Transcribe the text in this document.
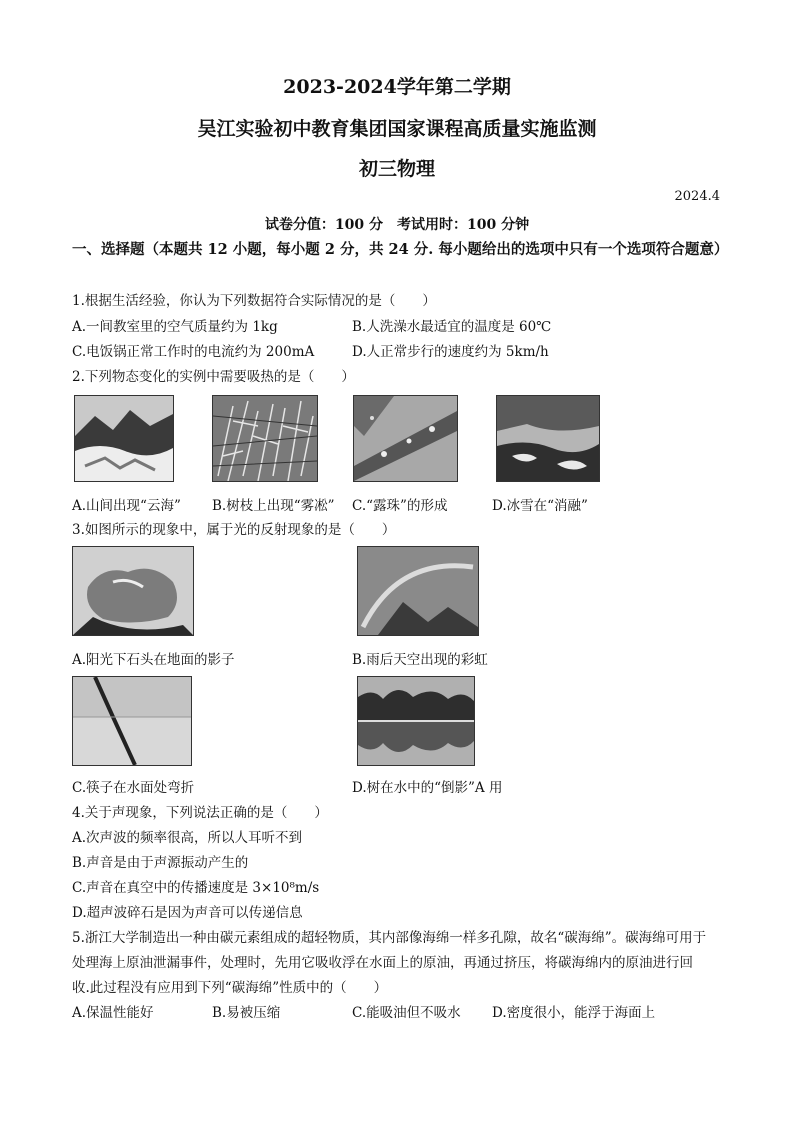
2023-2024学年第二学期
吴江实验初中教育集团国家课程高质量实施监测
初三物理
2024.4
试卷分值：100 分　考试用时：100 分钟
一、选择题（本题共 12 小题，每小题 2 分，共 24 分. 每小题给出的选项中只有一个选项符合题意）
1.根据生活经验，你认为下列数据符合实际情况的是（　　）
A.一间教室里的空气质量约为 1kg	B.人洗澡水最适宜的温度是 60℃
C.电饭锅正常工作时的电流约为 200mA	D.人正常步行的速度约为 5km/h
2.下列物态变化的实例中需要吸热的是（　　）
A.山间出现“云海” B.树枝上出现“雾凇” C.“露珠”的形成	D.冰雪在“消融”
3.如图所示的现象中，属于光的反射现象的是（　　）
A.阳光下石头在地面的影子	B.雨后天空出现的彩虹
C.筷子在水面处弯折	D.树在水中的“倒影”A 用
4.关于声现象，下列说法正确的是（　　）
A.次声波的频率很高，所以人耳听不到
B.声音是由于声源振动产生的
C.声音在真空中的传播速度是 3×10⁸m/s
D.超声波碎石是因为声音可以传递信息
5.浙江大学制造出一种由碳元素组成的超轻物质，其内部像海绵一样多孔隙，故名“碳海绵”。碳海绵可用于
处理海上原油泄漏事件，处理时，先用它吸收浮在水面上的原油，再通过挤压，将碳海绵内的原油进行回
收.此过程没有应用到下列“碳海绵”性质中的（　　）
A.保温性能好	B.易被压缩	C.能吸油但不吸水 D.密度很小，能浮于海面上
